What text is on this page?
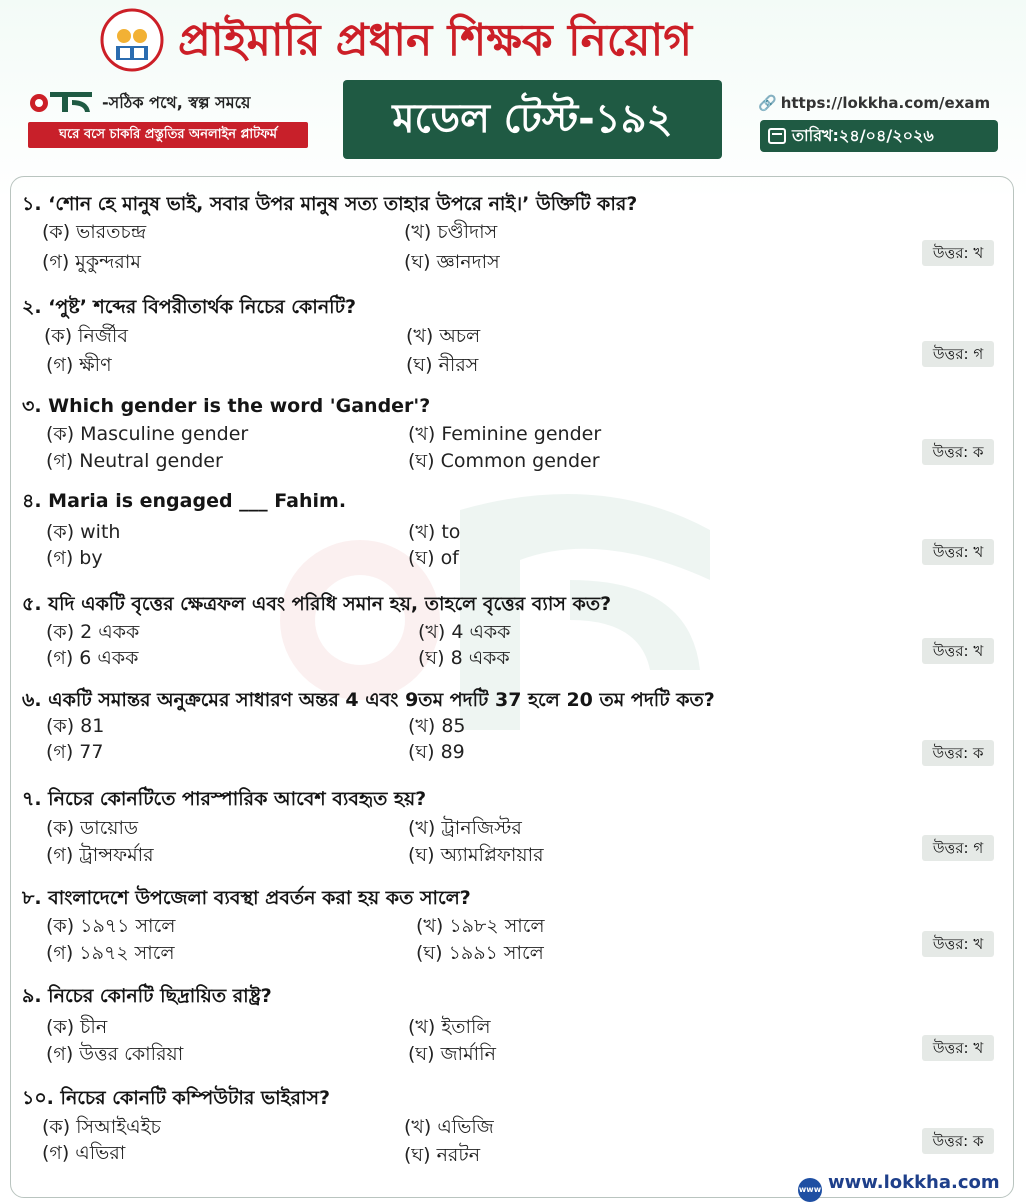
প্রাইমারি প্রধান শিক্ষক নিয়োগ
-সঠিক পথে, স্বল্প সময়ে
ঘরে বসে চাকরি প্রস্তুতির অনলাইন প্লাটফর্ম	মডেল টেস্ট-১৯২	🔗 https://lokkha.com/exam
তারিখ:২৪/০৪/২০২৬
১. ‘শোন হে মানুষ ভাই, সবার উপর মানুষ সত্য তাহার উপরে নাই।’ উক্তিটি কার?
(ক) ভারতচন্দ্র	(খ) চণ্ডীদাস
(গ) মুকুন্দরাম	(ঘ) জ্ঞানদাস	উত্তর: খ
২. ‘পুষ্ট’ শব্দের বিপরীতার্থক নিচের কোনটি?
(ক) নির্জীব	(খ) অচল
(গ) ক্ষীণ	(ঘ) নীরস	উত্তর: গ
৩. Which gender is the word 'Gander'?
(ক) Masculine gender	(খ) Feminine gender
(গ) Neutral gender	(ঘ) Common gender	উত্তর: ক
৪. Maria is engaged ___ Fahim.
(ক) with	(খ) to
(গ) by	(ঘ) of	উত্তর: খ
৫. যদি একটি বৃত্তের ক্ষেত্রফল এবং পরিধি সমান হয়, তাহলে বৃত্তের ব্যাস কত?
(ক) 2 একক	(খ) 4 একক
(গ) 6 একক	(ঘ) 8 একক	উত্তর: খ
৬. একটি সমান্তর অনুক্রমের সাধারণ অন্তর 4 এবং 9তম পদটি 37 হলে 20 তম পদটি কত?
(ক) 81	(খ) 85
(গ) 77	(ঘ) 89	উত্তর: ক
৭. নিচের কোনটিতে পারস্পারিক আবেশ ব্যবহৃত হয়?
(ক) ডায়োড	(খ) ট্রানজিস্টর
(গ) ট্রান্সফর্মার	(ঘ) অ্যামপ্লিফায়ার	উত্তর: গ
৮. বাংলাদেশে উপজেলা ব্যবস্থা প্রবর্তন করা হয় কত সালে?
(ক) ১৯৭১ সালে	(খ) ১৯৮২ সালে
(গ) ১৯৭২ সালে	(ঘ) ১৯৯১ সালে	উত্তর: খ
৯. নিচের কোনটি ছিদ্রায়িত রাষ্ট্র?
(ক) চীন	(খ) ইতালি
(গ) উত্তর কোরিয়া	(ঘ) জার্মানি	উত্তর: খ
১০. নিচের কোনটি কম্পিউটার ভাইরাস?
(ক) সিআইএইচ	(খ) এভিজি
(গ) এভিরা	(ঘ) নরটন
উত্তর: ক
www www.lokkha.com
